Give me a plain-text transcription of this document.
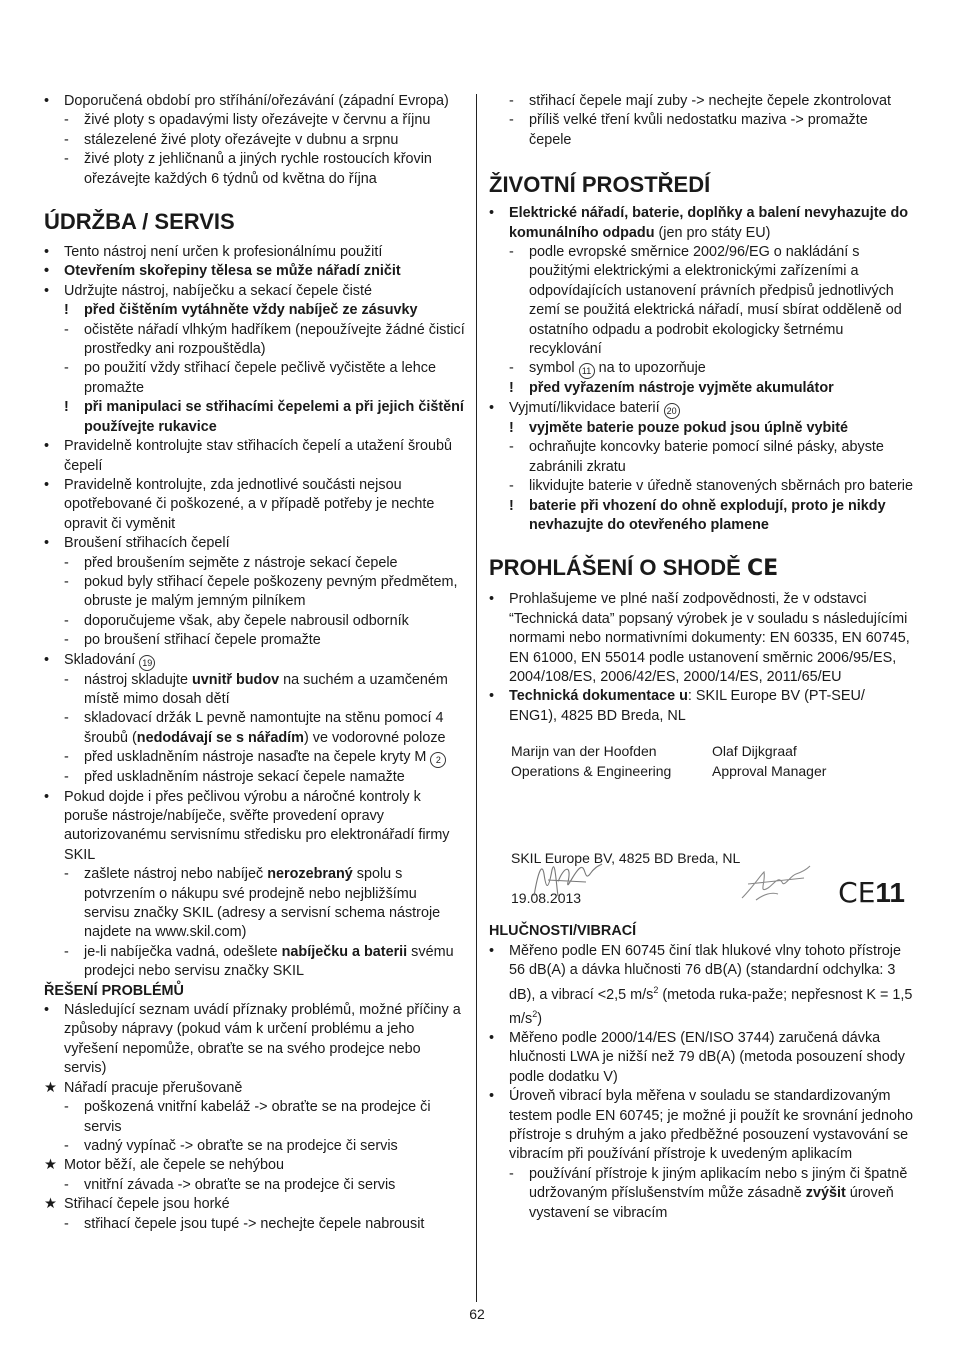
•	Doporučená období pro stříhání/ořezávání (západní Evropa)
-	živé ploty s opadavými listy ořezávejte v červnu a říjnu
-	stálezelené živé ploty ořezávejte v dubnu a srpnu
-	živé ploty z jehličnanů a jiných rychle rostoucích křovin ořezávejte každých 6 týdnů od května do října
ÚDRŽBA / SERVIS
•	Tento nástroj není určen k profesionálnímu použití
•	Otevřením skořepiny tělesa se může nářadí zničit
•	Udržujte nástroj, nabíječku a sekací čepele čisté
!	před čištěním vytáhněte vždy nabíječ ze zásuvky
-	očistěte nářadí vlhkým hadříkem (nepoužívejte žádné čisticí prostředky ani rozpouštědla)
-	po použití vždy střihací čepele pečlivě vyčistěte a lehce promažte
!	při manipulaci se střihacími čepelemi a při jejich čištění používejte rukavice
•	Pravidelně kontrolujte stav střihacích čepelí a utažení šroubů čepelí
•	Pravidelně kontrolujte, zda jednotlivé součásti nejsou opotřebované či poškozené, a v případě potřeby je nechte opravit či vyměnit
•	Broušení střihacích čepelí
-	před broušením sejměte z nástroje sekací čepele
-	pokud byly střihací čepele poškozeny pevným předmětem, obruste je malým jemným pilníkem
-	doporučujeme však, aby čepele nabrousil odborník
-	po broušení střihací čepele promažte
•	Skladování 19
-	nástroj skladujte uvnitř budov na suchém a uzamčeném místě mimo dosah dětí
-	skladovací držák L pevně namontujte na stěnu pomocí 4 šroubů (nedodávají se s nářadím) ve vodorovné poloze
-	před uskladněním nástroje nasaďte na čepele kryty M 2
-	před uskladněním nástroje sekací čepele namažte
•	Pokud dojde i přes pečlivou výrobu a náročné kontroly k poruše nástroje/nabíječe, svěřte provedení opravy autorizovanému servisnímu středisku pro elektronářadí firmy SKIL
-	zašlete nástroj nebo nabíječ nerozebraný spolu s potvrzením o nákupu své prodejně nebo nejbližšímu servisu značky SKIL (adresy a servisní schema nástroje najdete na www.skil.com)
-	je-li nabíječka vadná, odešlete nabíječku a baterii svému prodejci nebo servisu značky SKIL
ŘEŠENÍ PROBLÉMŮ
•	Následující seznam uvádí příznaky problémů, možné příčiny a způsoby nápravy (pokud vám k určení problému a jeho vyřešení nepomůže, obraťte se na svého prodejce nebo servis)
★ Nářadí pracuje přerušovaně
-	poškozená vnitřní kabeláž -> obraťte se na prodejce či servis
-	vadný vypínač -> obraťte se na prodejce či servis
★ Motor běží, ale čepele se nehýbou
-	vnitřní závada -> obraťte se na prodejce či servis
★ Střihací čepele jsou horké
-	střihací čepele jsou tupé -> nechejte čepele nabrousit
-	střihací čepele mají zuby -> nechejte čepele zkontrolovat
-	příliš velké tření kvůli nedostatku maziva -> promažte čepele
ŽIVOTNÍ PROSTŘEDÍ
•	Elektrické nářadí, baterie, doplňky a balení nevyhazujte do komunálního odpadu (jen pro státy EU)
-	podle evropské směrnice 2002/96/EG o nakládání s použitými elektrickými a elektronickými zařízeními a odpovídajících ustanovení právních předpisů jednotlivých zemí se použitá elektrická nářadí, musí sbírat odděleně od ostatního odpadu a podrobit ekologicky šetrnému recyklování
-	symbol 11 na to upozorňuje
!	před vyřazením nástroje vyjměte akumulátor
•	Vyjmutí/likvidace baterií 20
!	vyjměte baterie pouze pokud jsou úplně vybité
-	ochraňujte koncovky baterie pomocí silné pásky, abyste zabránili zkratu
-	likvidujte baterie v úředně stanovených sběrnách pro baterie
!	baterie při vhození do ohně explodují, proto je nikdy nevhazujte do otevřeného plamene
PROHLÁŠENÍ O SHODĚ CE
•	Prohlašujeme ve plné naší zodpovědnosti, že v odstavci “Technická data” popsaný výrobek je v souladu s následujícími normami nebo normativními dokumenty: EN 60335, EN 60745, EN 61000, EN 55014 podle ustanovení směrnic 2006/95/ES, 2004/108/ES, 2006/42/ES, 2000/14/ES, 2011/65/EU
•	Technická dokumentace u: SKIL Europe BV (PT-SEU/ ENG1), 4825 BD Breda, NL
Marijn van der Hoofden
Operations & Engineering
Olaf Dijkgraaf
Approval Manager
SKIL Europe BV, 4825 BD Breda, NL
19.08.2013	CE11
HLUČNOSTI/VIBRACÍ
•	Měřeno podle EN 60745 činí tlak hlukové vlny tohoto přístroje 56 dB(A) a dávka hlučnosti 76 dB(A) (standardní odchylka: 3 dB), a vibrací <2,5 $m/s^2$ (metoda ruka-paže; nepřesnost K = 1,5 $m/s^2$)
•	Měřeno podle 2000/14/ES (EN/ISO 3744) zaručená dávka hlučnosti LWA je nižší než 79 dB(A) (metoda posouzení shody podle dodatku V)
•	Úroveň vibrací byla měřena v souladu se standardizovaným testem podle EN 60745; je možné ji použít ke srovnání jednoho přístroje s druhým a jako předběžné posouzení vystavování se vibracím při používání přístroje k uvedeným aplikacím
-	používání přístroje k jiným aplikacím nebo s jiným či špatně udržovaným příslušenstvím může zásadně zvýšit úroveň vystavení se vibracím
62
